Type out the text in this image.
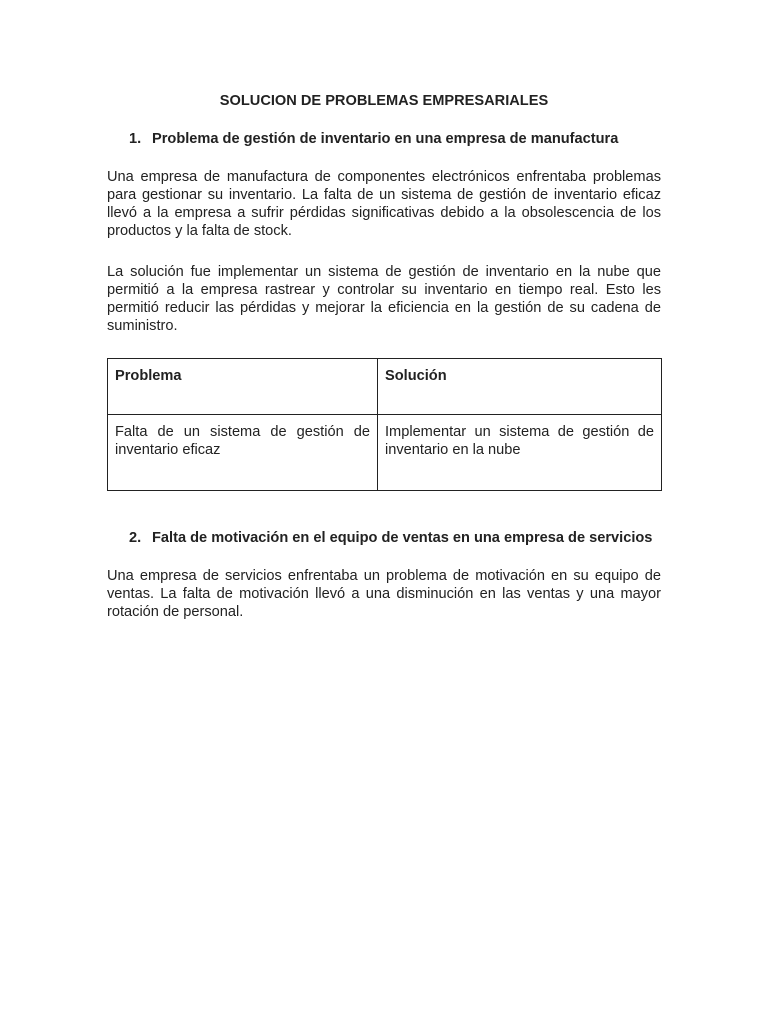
SOLUCION DE PROBLEMAS EMPRESARIALES
1. Problema de gestión de inventario en una empresa de manufactura

Una empresa de manufactura de componentes electrónicos enfrentaba problemas para gestionar su inventario. La falta de un sistema de gestión de inventario eficaz llevó a la empresa a sufrir pérdidas significativas debido a la obsolescencia de los productos y la falta de stock.

La solución fue implementar un sistema de gestión de inventario en la nube que permitió a la empresa rastrear y controlar su inventario en tiempo real. Esto les permitió reducir las pérdidas y mejorar la eficiencia en la gestión de su cadena de suministro.

Problema	Solución
Falta de un sistema de gestión de inventario eficaz	Implementar un sistema de gestión de inventario en la nube
2. Falta de motivación en el equipo de ventas en una empresa de servicios

Una empresa de servicios enfrentaba un problema de motivación en su equipo de ventas. La falta de motivación llevó a una disminución en las ventas y una mayor rotación de personal.
